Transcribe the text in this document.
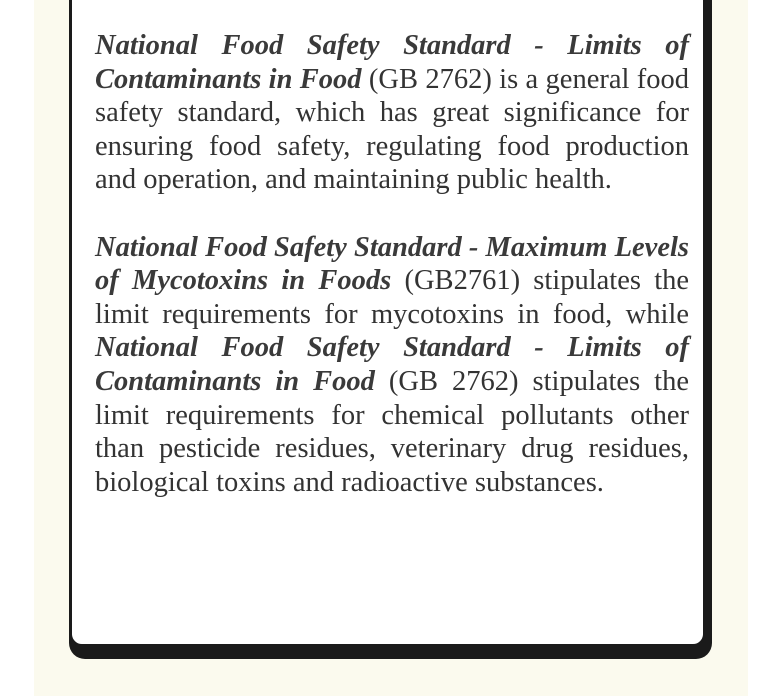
National Food Safety Standard - Limits of Contaminants in Food (GB 2762) is a general food safety standard, which has great significance for ensuring food safety, regulating food production and operation, and maintaining public health.

National Food Safety Standard - Maximum Levels of Mycotoxins in Foods (GB2761) stipulates the limit requirements for mycotoxins in food, while National Food Safety Standard - Limits of Contaminants in Food (GB 2762) stipulates the limit requirements for chemical pollutants other than pesticide residues, veterinary drug residues, biological toxins and radioactive substances.
